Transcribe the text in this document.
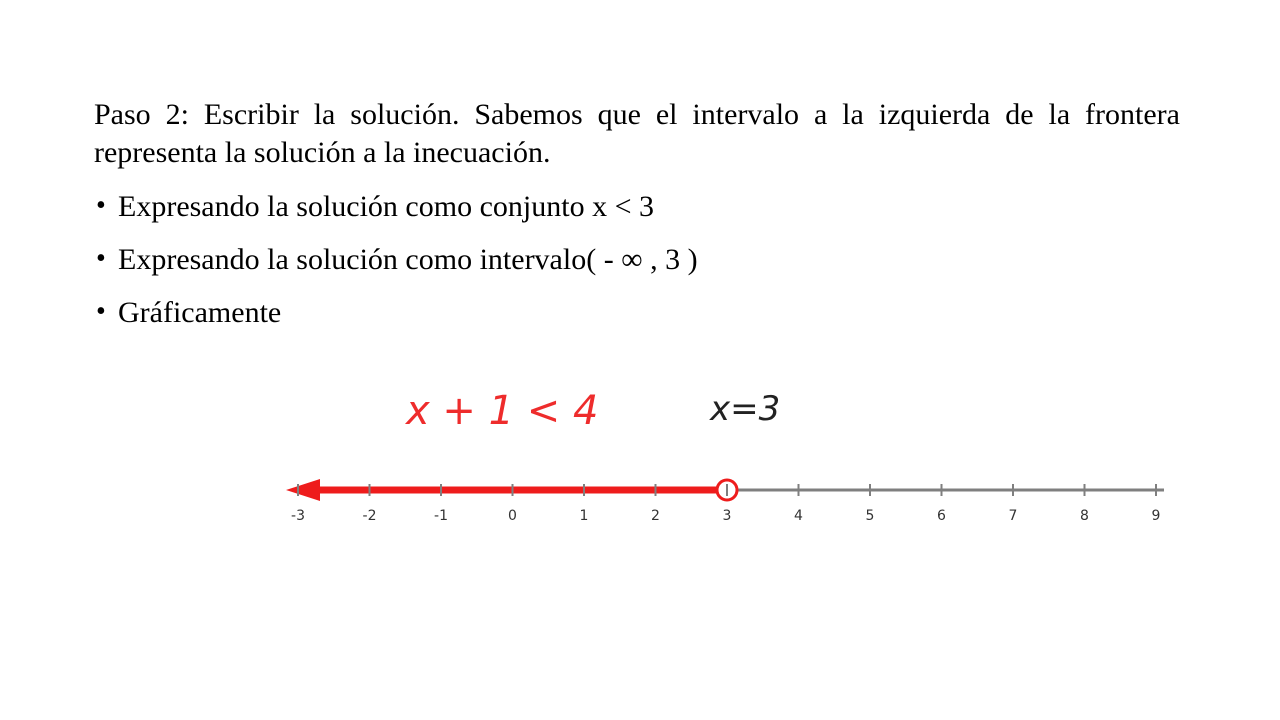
Paso 2: Escribir la solución. Sabemos que el intervalo a la izquierda de la frontera representa la solución a la inecuación.
• Expresando la solución como conjunto x < 3
• Expresando la solución como intervalo( - ∞ , 3 )
• Gráficamente
x + 1 < 4	x=3
-3	-2	-1	0	1	2	3	4	5	6	7	8	9
